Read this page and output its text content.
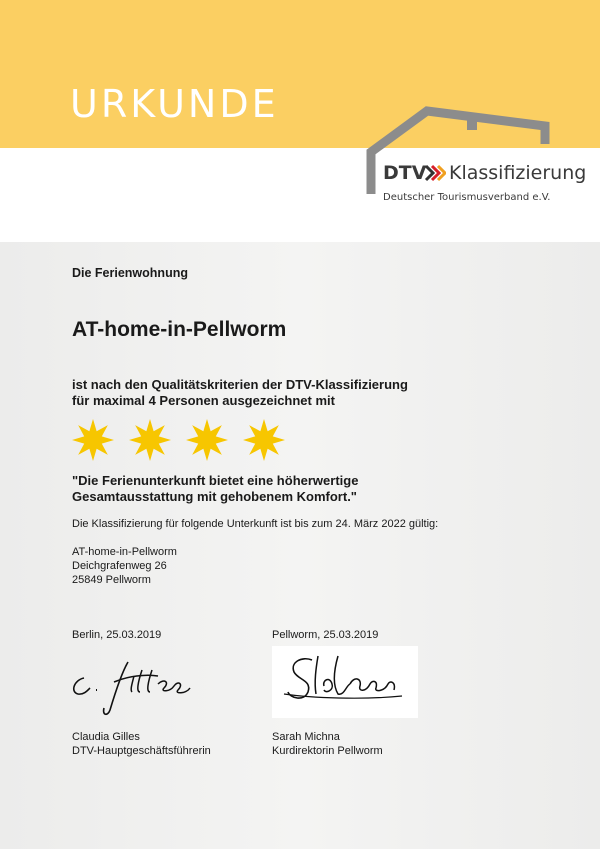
URKUNDE
DTV Klassifizierung
Deutscher Tourismusverband e.V.
Die Ferienwohnung
AT-home-in-Pellworm
ist nach den Qualitätskriterien der DTV-Klassifizierung
für maximal 4 Personen ausgezeichnet mit
"Die Ferienunterkunft bietet eine höherwertige
Gesamtausstattung mit gehobenem Komfort."
Die Klassifizierung für folgende Unterkunft ist bis zum 24. März 2022 gültig:
AT-home-in-Pellworm
Deichgrafenweg 26
25849 Pellworm
Berlin, 25.03.2019	Pellworm, 25.03.2019
Claudia Gilles
DTV-Hauptgeschäftsführerin
Sarah Michna
Kurdirektorin Pellworm
